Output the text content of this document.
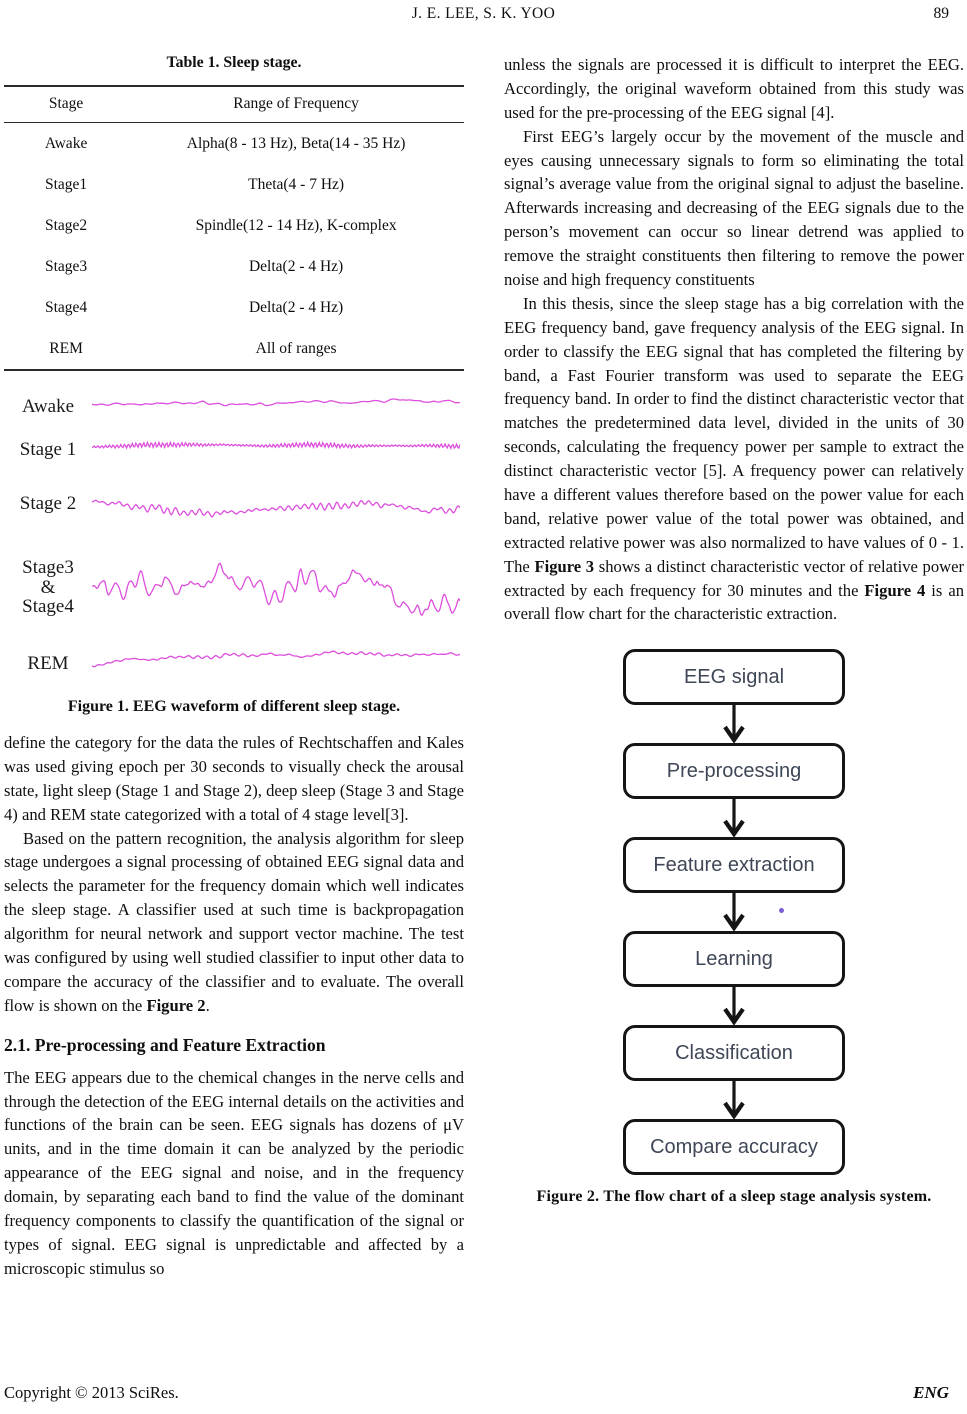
J. E. LEE, S. K. YOO	89
Table 1. Sleep stage.
Stage	Range of Frequency
Awake	Alpha(8 - 13 Hz), Beta(14 - 35 Hz)
Stage1	Theta(4 - 7 Hz)
Stage2	Spindle(12 - 14 Hz), K-complex
Stage3	Delta(2 - 4 Hz)
Stage4	Delta(2 - 4 Hz)
REM	All of ranges
Awake
Stage 1
Stage 2
Stage3
&
Stage4
REM
Figure 1. EEG waveform of different sleep stage.

define the category for the data the rules of Rechtschaffen and Kales was used giving epoch per 30 seconds to visually check the arousal state, light sleep (Stage 1 and Stage 2), deep sleep (Stage 3 and Stage 4) and REM state categorized with a total of 4 stage level[3].

Based on the pattern recognition, the analysis algorithm for sleep stage undergoes a signal processing of obtained EEG signal data and selects the parameter for the frequency domain which well indicates the sleep stage. A classifier used at such time is backpropagation algorithm for neural network and support vector machine. The test was configured by using well studied classifier to input other data to compare the accuracy of the classifier and to evaluate. The overall flow is shown on the Figure 2.

2.1. Pre-processing and Feature Extraction

The EEG appears due to the chemical changes in the nerve cells and through the detection of the EEG internal details on the activities and functions of the brain can be seen. EEG signals has dozens of μV units, and in the time domain it can be analyzed by the periodic appearance of the EEG signal and noise, and in the frequency domain, by separating each band to find the value of the dominant frequency components to classify the quantification of the signal or types of signal. EEG signal is unpredictable and affected by a microscopic stimulus so

unless the signals are processed it is difficult to interpret the EEG. Accordingly, the original waveform obtained from this study was used for the pre-processing of the EEG signal [4].

First EEG’s largely occur by the movement of the muscle and eyes causing unnecessary signals to form so eliminating the total signal’s average value from the original signal to adjust the baseline. Afterwards increasing and decreasing of the EEG signals due to the person’s movement can occur so linear detrend was applied to remove the straight constituents then filtering to remove the power noise and high frequency constituents

In this thesis, since the sleep stage has a big correlation with the EEG frequency band, gave frequency analysis of the EEG signal. In order to classify the EEG signal that has completed the filtering by band, a Fast Fourier transform was used to separate the EEG frequency band. In order to find the distinct characteristic vector that matches the predetermined data level, divided in the units of 30 seconds, calculating the frequency power per sample to extract the distinct characteristic vector [5]. A frequency power can relatively have a different values therefore based on the power value for each band, relative power value of the total power was obtained, and extracted relative power was also normalized to have values of 0 - 1. The Figure 3 shows a distinct characteristic vector of relative power extracted by each frequency for 30 minutes and the Figure 4 is an overall flow chart for the characteristic extraction.

EEG signal
Pre-processing
Feature extraction
Learning
Classification
Compare accuracy
Figure 2. The flow chart of a sleep stage analysis system.
Copyright © 2013 SciRes.	ENG
